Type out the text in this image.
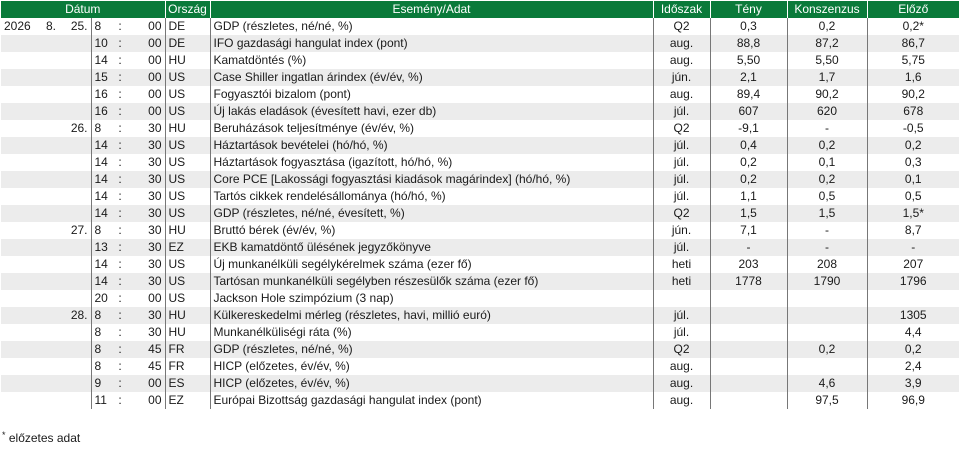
Dátum						Ország	Esemény/Adat	Időszak	Tény	Konszenzus	Előző
2026	8.	25.	8	:	00	DE	GDP (részletes, né/né, %)	Q2	0,3	0,2	0,2*
			10	:	00	DE	IFO gazdasági hangulat index (pont)	aug.	88,8	87,2	86,7
			14	:	00	HU	Kamatdöntés (%)	aug.	5,50	5,50	5,75
			15	:	00	US	Case Shiller ingatlan árindex (év/év, %)	jún.	2,1	1,7	1,6
			16	:	00	US	Fogyasztói bizalom (pont)	aug.	89,4	90,2	90,2
			16	:	00	US	Új lakás eladások (évesített havi, ezer db)	júl.	607	620	678
		26.	8	:	30	HU	Beruházások teljesítménye (év/év, %)	Q2	-9,1	-	-0,5
			14	:	30	US	Háztartások bevételei (hó/hó, %)	júl.	0,4	0,2	0,2
			14	:	30	US	Háztartások fogyasztása (igazított, hó/hó, %)	júl.	0,2	0,1	0,3
			14	:	30	US	Core PCE [Lakossági fogyasztási kiadások magárindex] (hó/hó, %)	júl.	0,2	0,2	0,1
			14	:	30	US	Tartós cikkek rendelésállománya (hó/hó, %)	júl.	1,1	0,5	0,5
			14	:	30	US	GDP (részletes, né/né, évesített, %)	Q2	1,5	1,5	1,5*
		27.	8	:	30	HU	Bruttó bérek (év/év, %)	jún.	7,1	-	8,7
			13	:	30	EZ	EKB kamatdöntő ülésének jegyzőkönyve	júl.	-	-	-
			14	:	30	US	Új munkanélküli segélykérelmek száma (ezer fő)	heti	203	208	207
			14	:	30	US	Tartósan munkanélküli segélyben részesülők száma (ezer fő)	heti	1778	1790	1796
			20	:	00	US	Jackson Hole szimpózium (3 nap)				
		28.	8	:	30	HU	Külkereskedelmi mérleg (részletes, havi, millió euró)	júl.			1305
			8	:	30	HU	Munkanélküliségi ráta (%)	júl.			4,4
			8	:	45	FR	GDP (részletes, né/né, %)	Q2		0,2	0,2
			8	:	45	FR	HICP (előzetes, év/év, %)	aug.			2,4
			9	:	00	ES	HICP (előzetes, év/év, %)	aug.		4,6	3,9
			11	:	00	EZ	Európai Bizottság gazdasági hangulat index (pont)	aug.		97,5	96,9
* előzetes adat
